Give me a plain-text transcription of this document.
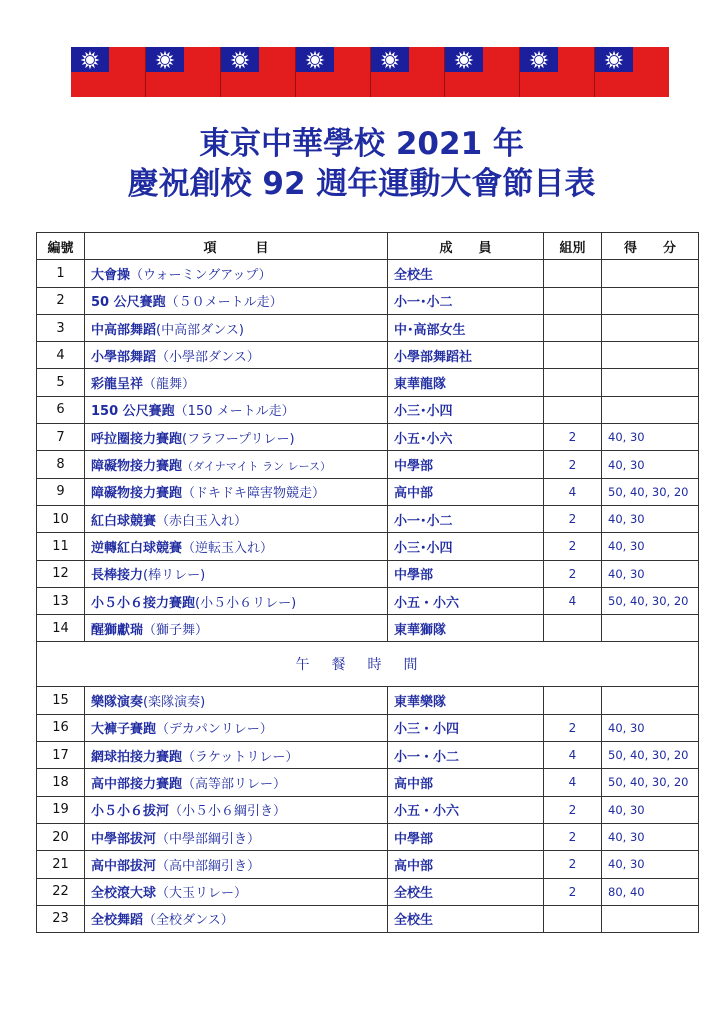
東京中華學校 2021 年
慶祝創校 92 週年運動大會節目表
編號	項　　　目	成　　員	組別	得　　分
1	大會操（ウォーミングアップ）	全校生		
2	50 公尺賽跑（５０メートル走）	小一･小二		
3	中高部舞蹈(中高部ダンス)	中･高部女生		
4	小學部舞蹈（小學部ダンス）	小學部舞蹈社		
5	彩龍呈祥（龍舞）	東華龍隊		
6	150 公尺賽跑（150 メートル走）	小三･小四		
7	呼拉圈接力賽跑(フラフープリレー)	小五･小六	2	40, 30
8	障礙物接力賽跑（ダイナマイト ラン レース）	中學部	2	40, 30
9	障礙物接力賽跑（ドキドキ障害物競走）	高中部	4	50, 40, 30, 20
10	紅白球競賽（赤白玉入れ）	小一･小二	2	40, 30
11	逆轉紅白球競賽（逆転玉入れ）	小三･小四	2	40, 30
12	長棒接力(棒リレー)	中學部	2	40, 30
13	小５小６接力賽跑(小５小６リレー)	小五・小六	4	50, 40, 30, 20
14	醒獅獻瑞（獅子舞）	東華獅隊		
午餐時間				
15	樂隊演奏(楽隊演奏)	東華樂隊		
16	大褲子賽跑（デカパンリレー）	小三・小四	2	40, 30
17	網球拍接力賽跑（ラケットリレー）	小一・小二	4	50, 40, 30, 20
18	高中部接力賽跑（高等部リレー）	高中部	4	50, 40, 30, 20
19	小５小６拔河（小５小６綱引き）	小五・小六	2	40, 30
20	中學部拔河（中學部綱引き）	中學部	2	40, 30
21	高中部拔河（高中部綱引き）	高中部	2	40, 30
22	全校滾大球（大玉リレー）	全校生	2	80, 40
23	全校舞蹈（全校ダンス）	全校生		
